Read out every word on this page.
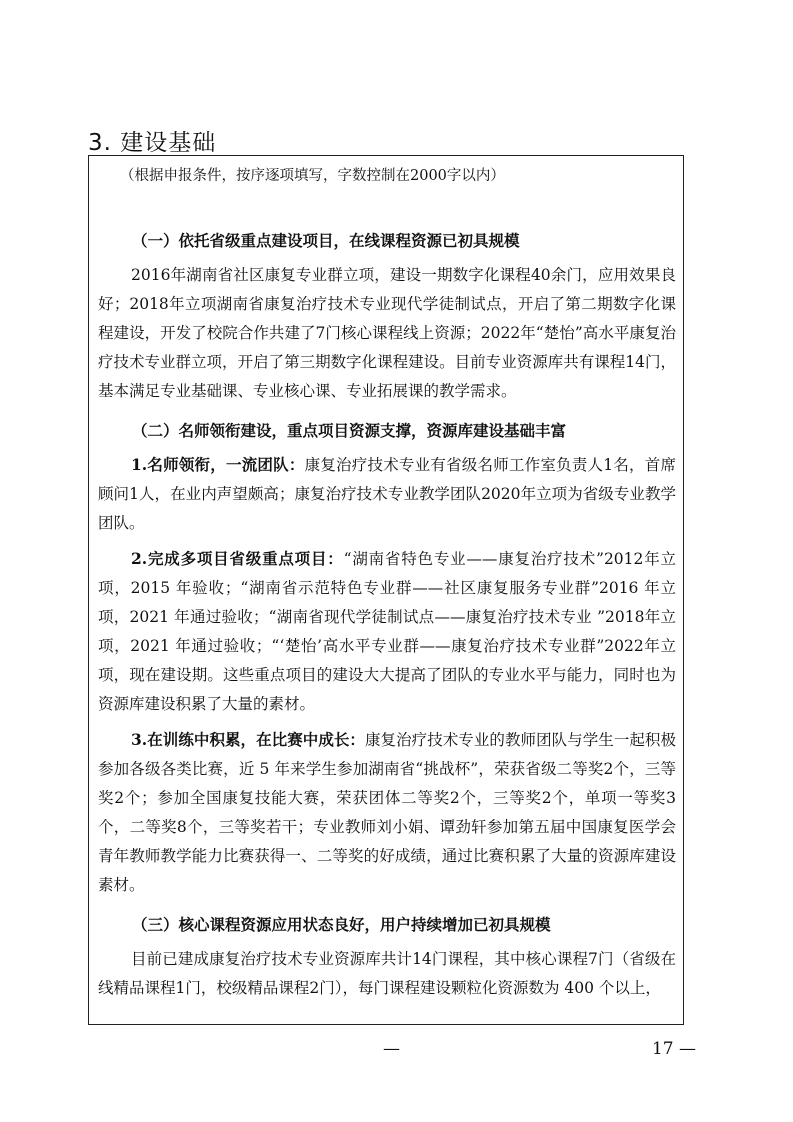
3. 建设基础
（根据申报条件，按序逐项填写，字数控制在2000字以内）
（一）依托省级重点建设项目，在线课程资源已初具规模
2016年湖南省社区康复专业群立项，建设一期数字化课程40余门，应用效果良好；2018年立项湖南省康复治疗技术专业现代学徒制试点，开启了第二期数字化课程建设，开发了校院合作共建了7门核心课程线上资源；2022年“楚怡”高水平康复治疗技术专业群立项，开启了第三期数字化课程建设。目前专业资源库共有课程14门，基本满足专业基础课、专业核心课、专业拓展课的教学需求。
（二）名师领衔建设，重点项目资源支撑，资源库建设基础丰富
1.名师领衔，一流团队：康复治疗技术专业有省级名师工作室负责人1名，首席顾问1人，在业内声望颇高；康复治疗技术专业教学团队2020年立项为省级专业教学团队。
2.完成多项目省级重点项目：“湖南省特色专业——康复治疗技术”2012年立项，2015 年验收；“湖南省示范特色专业群——社区康复服务专业群”2016 年立项，2021 年通过验收；“湖南省现代学徒制试点——康复治疗技术专业 ”2018年立项，2021 年通过验收；“‘楚怡’高水平专业群——康复治疗技术专业群”2022年立项，现在建设期。这些重点项目的建设大大提高了团队的专业水平与能力，同时也为资源库建设积累了大量的素材。
3.在训练中积累，在比赛中成长：康复治疗技术专业的教师团队与学生一起积极参加各级各类比赛，近 5 年来学生参加湖南省“挑战杯”，荣获省级二等奖2个，三等奖2个；参加全国康复技能大赛，荣获团体二等奖2个，三等奖2个，单项一等奖3个，二等奖8个，三等奖若干；专业教师刘小娟、谭劲轩参加第五届中国康复医学会青年教师教学能力比赛获得一、二等奖的好成绩，通过比赛积累了大量的资源库建设素材。
（三）核心课程资源应用状态良好，用户持续增加已初具规模
目前已建成康复治疗技术专业资源库共计14门课程，其中核心课程7门（省级在线精品课程1门，校级精品课程2门），每门课程建设颗粒化资源数为 400 个以上，
—	17 —
